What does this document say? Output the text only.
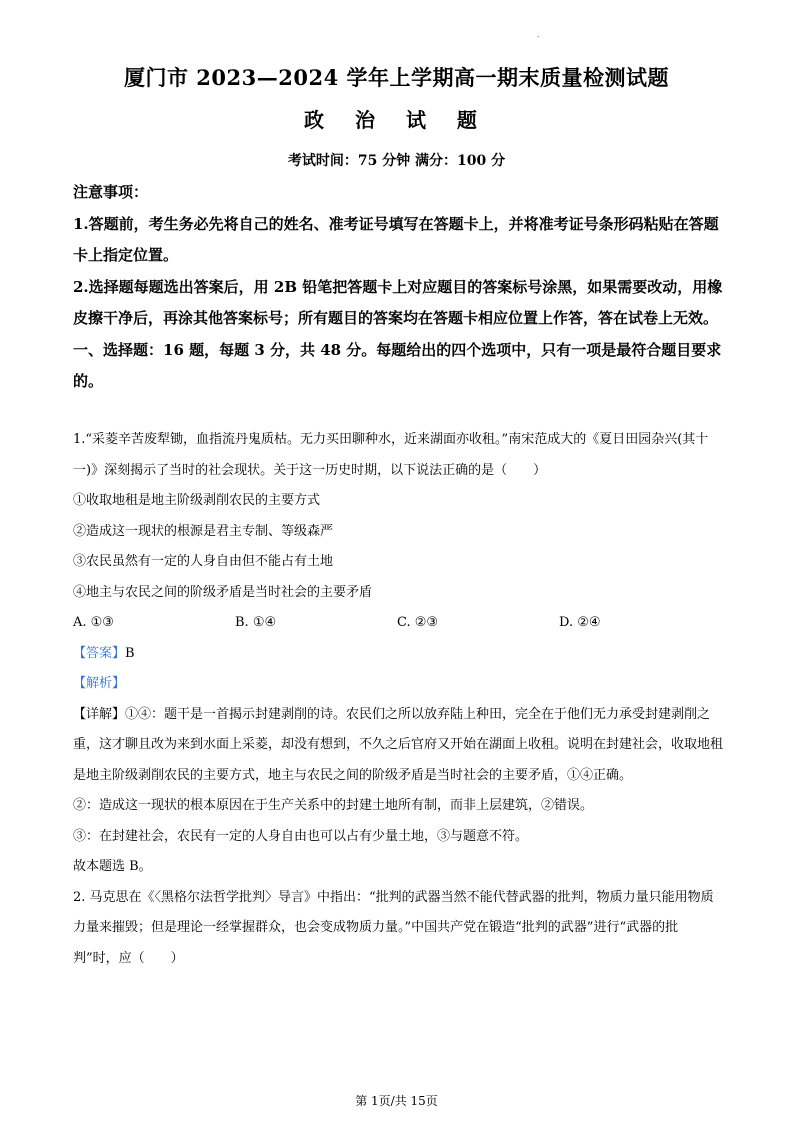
.
厦门市 2023—2024 学年上学期高一期末质量检测试题
政 治 试 题
考试时间：75 分钟 满分：100 分

注意事项：

1.答题前，考生务必先将自己的姓名、准考证号填写在答题卡上，并将准考证号条形码粘贴在答题卡上指定位置。

2.选择题每题选出答案后，用 2B 铅笔把答题卡上对应题目的答案标号涂黑，如果需要改动，用橡皮擦干净后，再涂其他答案标号；所有题目的答案均在答题卡相应位置上作答，答在试卷上无效。

一、选择题：16 题，每题 3 分，共 48 分。每题给出的四个选项中，只有一项是最符合题目要求的。

1.“采菱辛苦废犁锄，血指流丹鬼质枯。无力买田聊种水，近来湖面亦收租。”南宋范成大的《夏日田园杂兴(其十一)》深刻揭示了当时的社会现状。关于这一历史时期，以下说法正确的是（　　）

①收取地租是地主阶级剥削农民的主要方式

②造成这一现状的根源是君主专制、等级森严

③农民虽然有一定的人身自由但不能占有土地

④地主与农民之间的阶级矛盾是当时社会的主要矛盾

A. ①③	B. ①④	C. ②③	D. ②④

【答案】B

【解析】

【详解】①④：题干是一首揭示封建剥削的诗。农民们之所以放弃陆上种田，完全在于他们无力承受封建剥削之重，这才聊且改为来到水面上采菱，却没有想到，不久之后官府又开始在湖面上收租。说明在封建社会，收取地租是地主阶级剥削农民的主要方式，地主与农民之间的阶级矛盾是当时社会的主要矛盾，①④正确。

②：造成这一现状的根本原因在于生产关系中的封建土地所有制，而非上层建筑，②错误。

③：在封建社会，农民有一定的人身自由也可以占有少量土地，③与题意不符。

故本题选 B。

2. 马克思在《〈黑格尔法哲学批判〉导言》中指出：“批判的武器当然不能代替武器的批判，物质力量只能用物质力量来摧毁；但是理论一经掌握群众，也会变成物质力量。”中国共产党在锻造“批判的武器”进行“武器的批判”时，应（　　）

第 1页/共 15页
